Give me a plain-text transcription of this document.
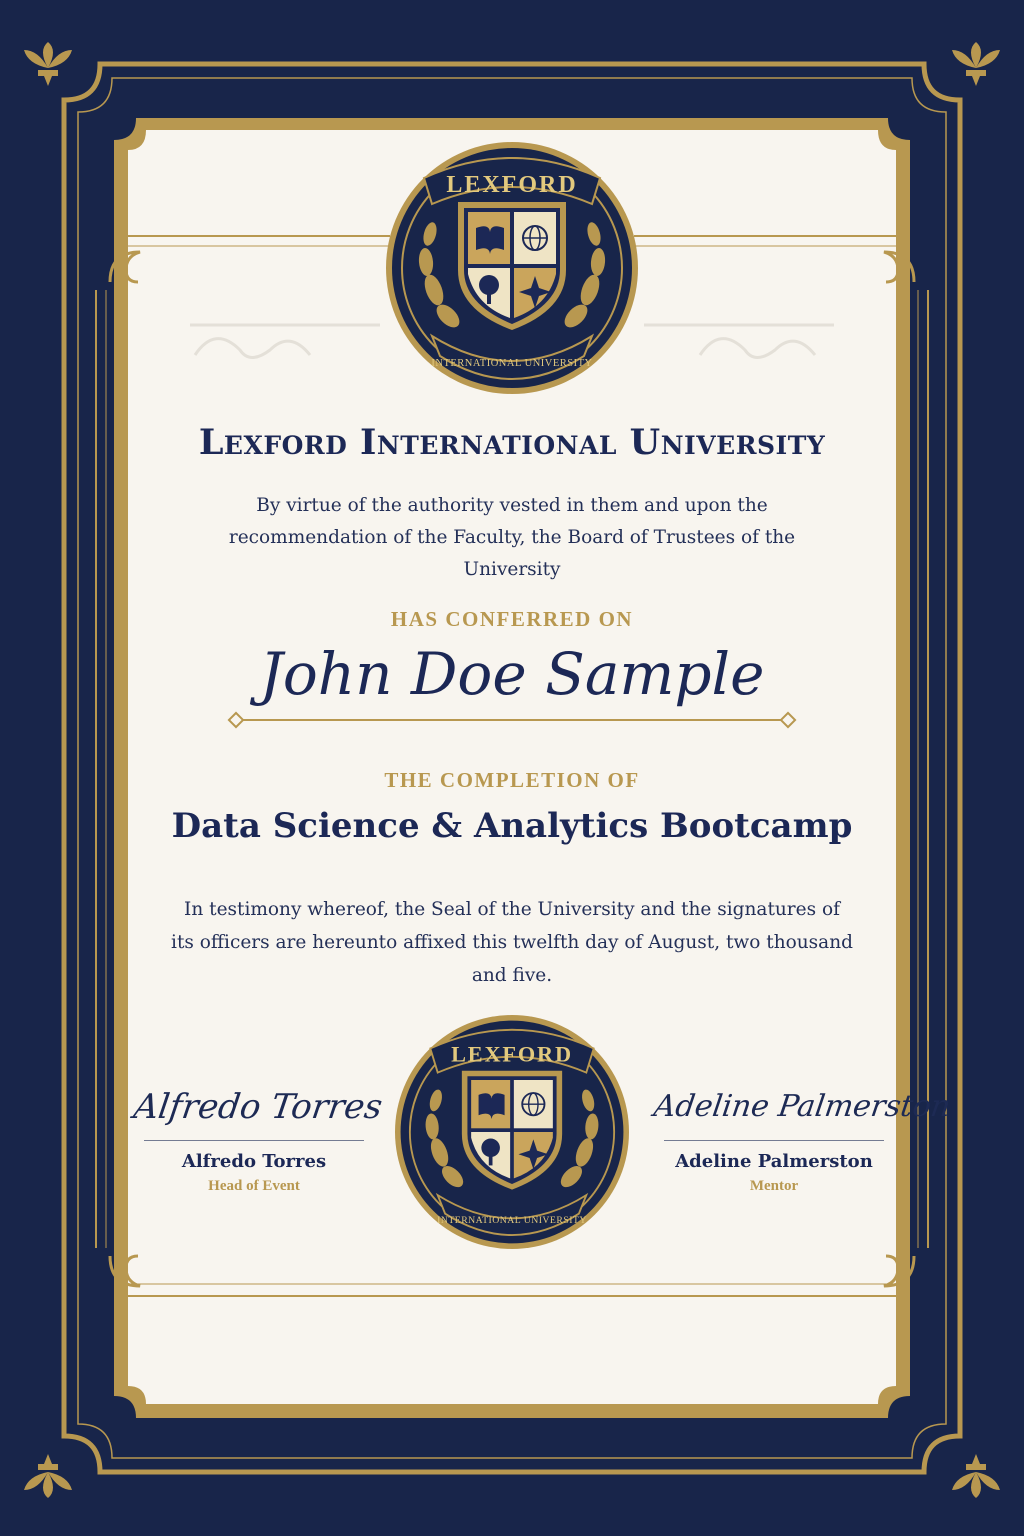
LEXFORD
INTERNATIONAL UNIVERSITY
LEXFORD
INTERNATIONAL UNIVERSITY
Lexford International University
By virtue of the authority vested in them and upon the recommendation of the Faculty, the Board of Trustees of the University
HAS CONFERRED ON
John Doe Sample
THE COMPLETION OF
Data Science & Analytics Bootcamp
In testimony whereof, the Seal of the University and the signatures of its officers are hereunto affixed this twelfth day of August, two thousand and five.
Alfredo Torres
Alfredo Torres
Head of Event
Adeline Palmerston
Adeline Palmerston
Mentor
